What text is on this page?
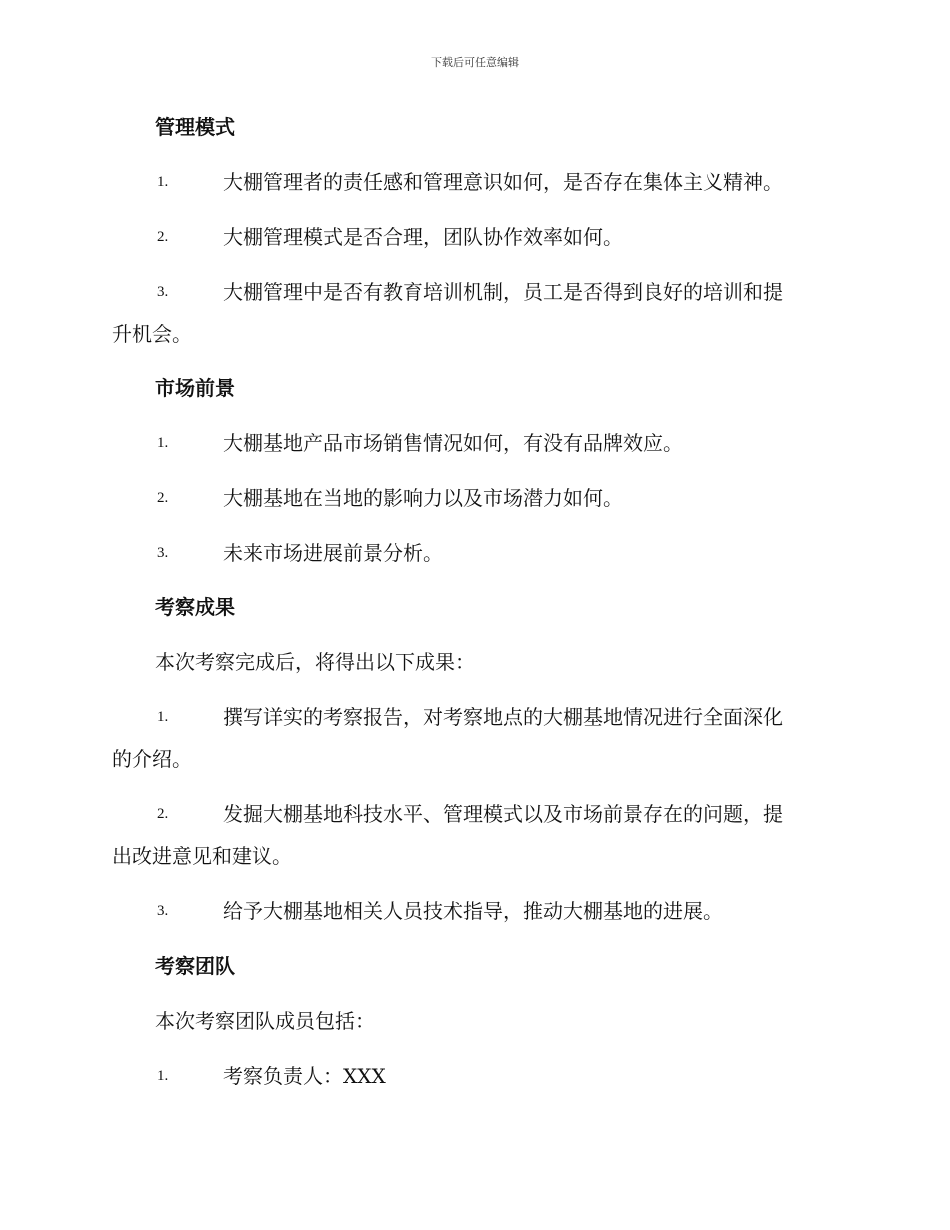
下载后可任意编辑
管理模式
1.	大棚管理者的责任感和管理意识如何，是否存在集体主义精神。
2.	大棚管理模式是否合理，团队协作效率如何。
3.	大棚管理中是否有教育培训机制，员工是否得到良好的培训和提
升机会。
市场前景
1.	大棚基地产品市场销售情况如何，有没有品牌效应。
2.	大棚基地在当地的影响力以及市场潜力如何。
3.	未来市场进展前景分析。
考察成果
本次考察完成后，将得出以下成果：
1.	撰写详实的考察报告，对考察地点的大棚基地情况进行全面深化
的介绍。
2.	发掘大棚基地科技水平、管理模式以及市场前景存在的问题，提
出改进意见和建议。
3.	给予大棚基地相关人员技术指导，推动大棚基地的进展。
考察团队
本次考察团队成员包括：
1.	考察负责人：XXX
